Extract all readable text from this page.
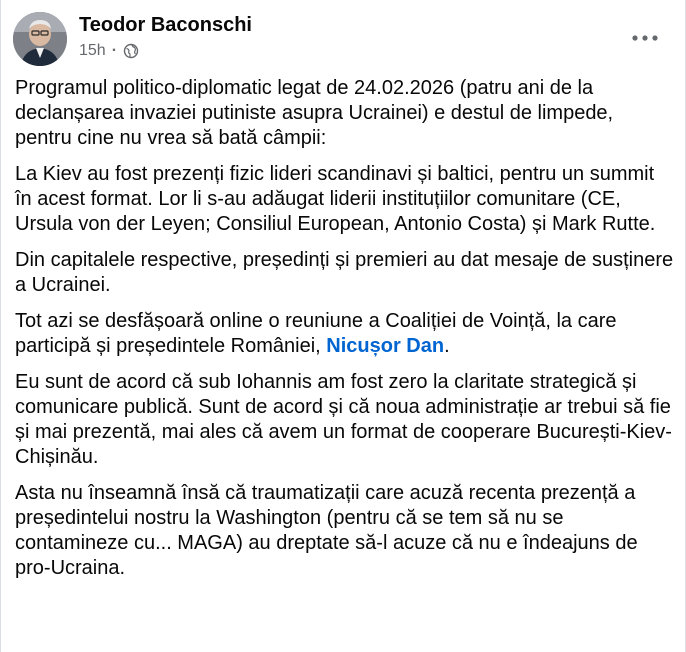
Teodor Baconschi
15h ·

Programul politico-diplomatic legat de 24.02.2026 (patru ani de la declanșarea invaziei putiniste asupra Ucrainei) e destul de limpede, pentru cine nu vrea să bată câmpii:

La Kiev au fost prezenți fizic lideri scandinavi și baltici, pentru un summit în acest format. Lor li s-au adăugat liderii instituțiilor comunitare (CE, Ursula von der Leyen; Consiliul European, Antonio Costa) și Mark Rutte.

Din capitalele respective, președinți și premieri au dat mesaje de susținere a Ucrainei.

Tot azi se desfășoară online o reuniune a Coaliției de Voință, la care participă și președintele României, Nicușor Dan.

Eu sunt de acord că sub Iohannis am fost zero la claritate strategică și comunicare publică. Sunt de acord și că noua administrație ar trebui să fie și mai prezentă, mai ales că avem un format de cooperare București-Kiev-Chișinău.

Asta nu înseamnă însă că traumatizații care acuză recenta prezență a președintelui nostru la Washington (pentru că se tem să nu se contamineze cu... MAGA) au dreptate să-l acuze că nu e îndeajuns de pro-Ucraina.
